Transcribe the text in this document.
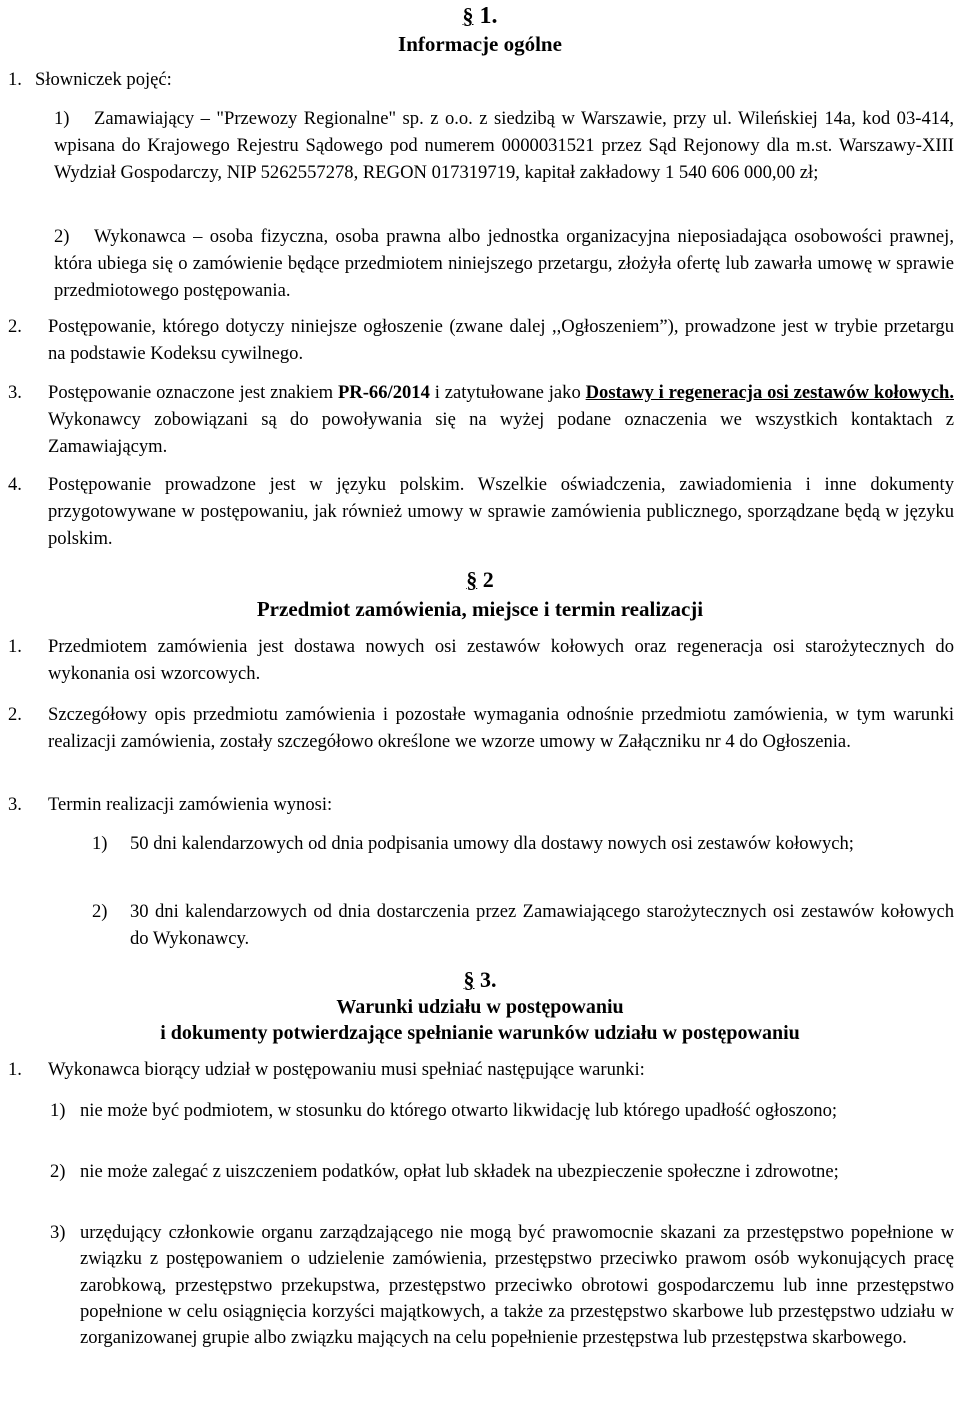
§ 1.
Informacje ogólne
1. Słowniczek pojęć:
1)	Zamawiający – "Przewozy Regionalne" sp. z o.o. z siedzibą w Warszawie, przy ul. Wileńskiej 14a, kod 03-414, wpisana do Krajowego Rejestru Sądowego pod numerem 0000031521 przez Sąd Rejonowy dla m.st. Warszawy-XIII Wydział Gospodarczy, NIP 5262557278, REGON 017319719, kapitał zakładowy 1 540 606 000,00 zł;
2)	Wykonawca – osoba fizyczna, osoba prawna albo jednostka organizacyjna nieposiadająca osobowości prawnej, która ubiega się o zamówienie będące przedmiotem niniejszego przetargu, złożyła ofertę lub zawarła umowę w sprawie przedmiotowego postępowania.
2.	Postępowanie, którego dotyczy niniejsze ogłoszenie (zwane dalej ,,Ogłoszeniem”), prowadzone jest w trybie przetargu na podstawie Kodeksu cywilnego.
3.	Postępowanie oznaczone jest znakiem PR-66/2014 i zatytułowane jako Dostawy i regeneracja osi zestawów kołowych. Wykonawcy zobowiązani są do powoływania się na wyżej podane oznaczenia we wszystkich kontaktach z Zamawiającym.
4.	Postępowanie prowadzone jest w języku polskim. Wszelkie oświadczenia, zawiadomienia i inne dokumenty przygotowywane w postępowaniu, jak również umowy w sprawie zamówienia publicznego, sporządzane będą w języku polskim.
§ 2
Przedmiot zamówienia, miejsce i termin realizacji
1.	Przedmiotem zamówienia jest dostawa nowych osi zestawów kołowych oraz regeneracja osi starożytecznych do wykonania osi wzorcowych.
2.	Szczegółowy opis przedmiotu zamówienia i pozostałe wymagania odnośnie przedmiotu zamówienia, w tym warunki realizacji zamówienia, zostały szczegółowo określone we wzorze umowy w Załączniku nr 4 do Ogłoszenia.
3.	Termin realizacji zamówienia wynosi:
1)	50 dni kalendarzowych od dnia podpisania umowy dla dostawy nowych osi zestawów kołowych;
2)	30 dni kalendarzowych od dnia dostarczenia przez Zamawiającego starożytecznych osi zestawów kołowych do Wykonawcy.
§ 3.
Warunki udziału w postępowaniu
i dokumenty potwierdzające spełnianie warunków udziału w postępowaniu
1.	Wykonawca biorący udział w postępowaniu musi spełniać następujące warunki:
1) nie może być podmiotem, w stosunku do którego otwarto likwidację lub którego upadłość ogłoszono;
2) nie może zalegać z uiszczeniem podatków, opłat lub składek na ubezpieczenie społeczne i zdrowotne;
3) urzędujący członkowie organu zarządzającego nie mogą być prawomocnie skazani za przestępstwo popełnione w związku z postępowaniem o udzielenie zamówienia, przestępstwo przeciwko prawom osób wykonujących pracę zarobkową, przestępstwo przekupstwa, przestępstwo przeciwko obrotowi gospodarczemu lub inne przestępstwo popełnione w celu osiągnięcia korzyści majątkowych, a także za przestępstwo skarbowe lub przestępstwo udziału w zorganizowanej grupie albo związku mających na celu popełnienie przestępstwa lub przestępstwa skarbowego.
